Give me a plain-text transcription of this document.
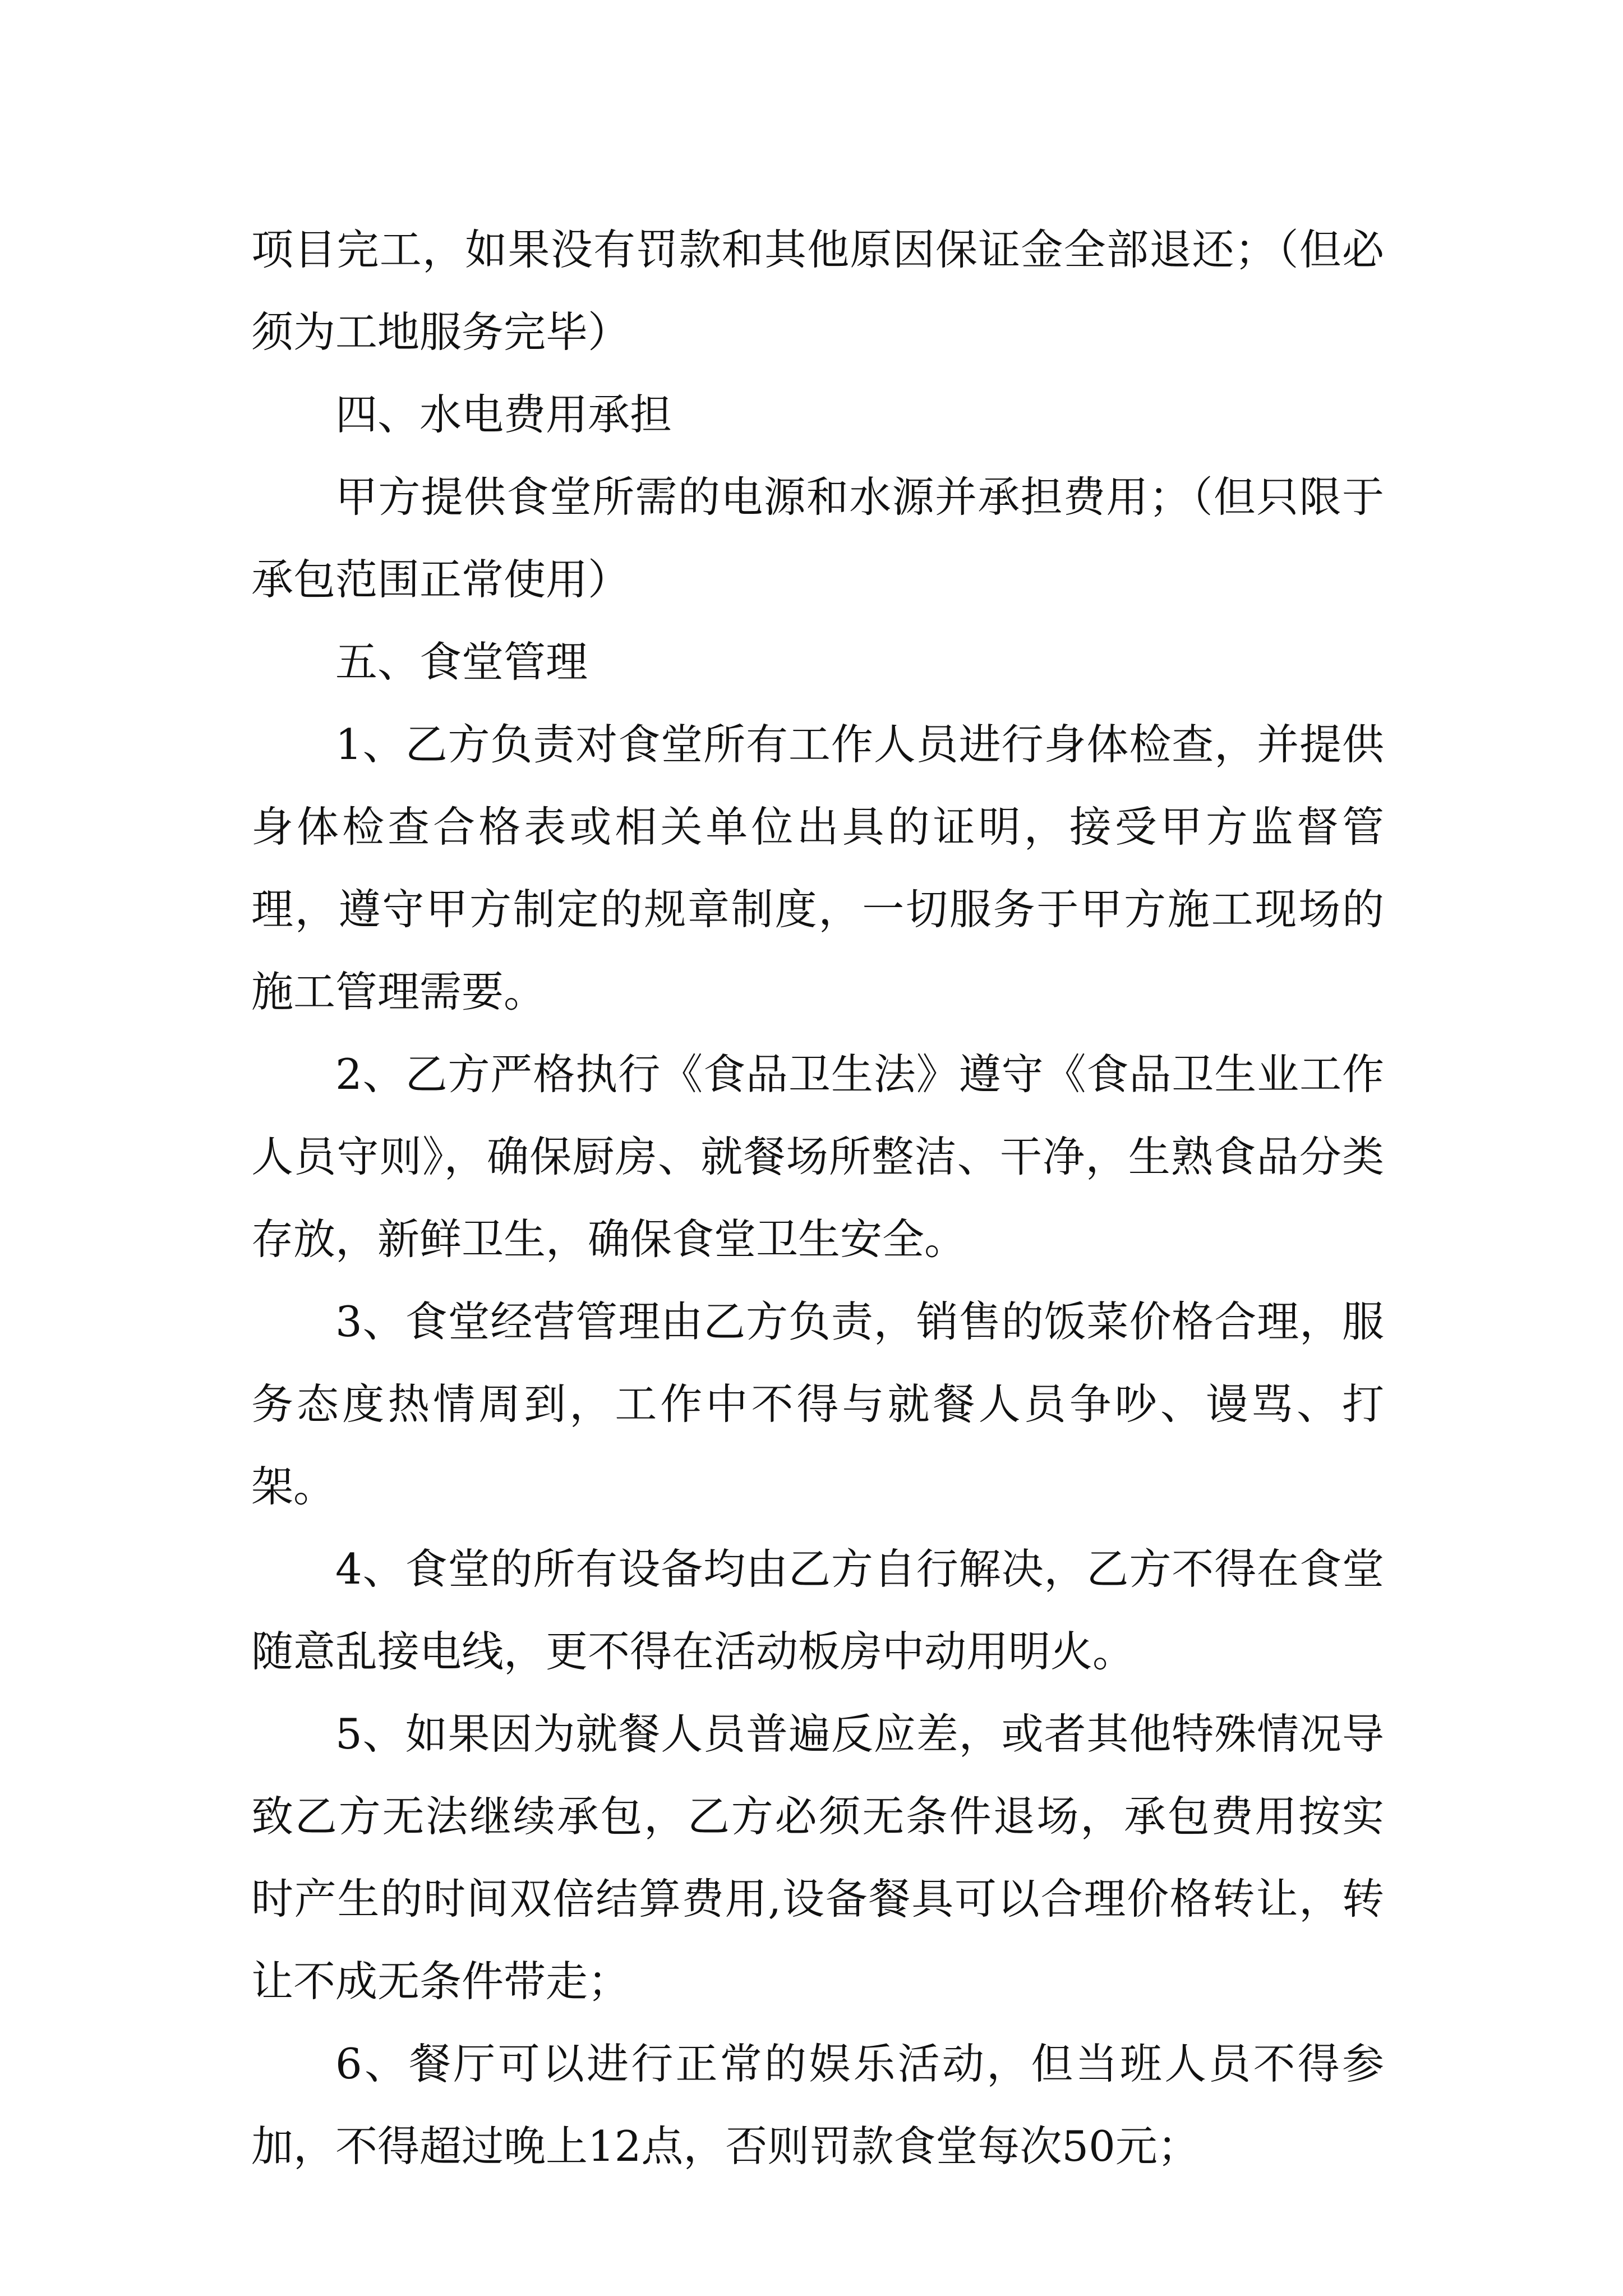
项目完工，如果没有罚款和其他原因保证金全部退还；（但必须为工地服务完毕）

四、水电费用承担

甲方提供食堂所需的电源和水源并承担费用；（但只限于承包范围正常使用）

五、食堂管理

1、乙方负责对食堂所有工作人员进行身体检查，并提供身体检查合格表或相关单位出具的证明，接受甲方监督管理，遵守甲方制定的规章制度，一切服务于甲方施工现场的施工管理需要。

2、乙方严格执行《食品卫生法》遵守《食品卫生业工作人员守则》，确保厨房、就餐场所整洁、干净，生熟食品分类存放，新鲜卫生，确保食堂卫生安全。

3、食堂经营管理由乙方负责，销售的饭菜价格合理，服务态度热情周到，工作中不得与就餐人员争吵、谩骂、打架。

4、食堂的所有设备均由乙方自行解决，乙方不得在食堂随意乱接电线，更不得在活动板房中动用明火。

5、如果因为就餐人员普遍反应差，或者其他特殊情况导致乙方无法继续承包，乙方必须无条件退场，承包费用按实时产生的时间双倍结算费用,设备餐具可以合理价格转让，转让不成无条件带走；

6、餐厅可以进行正常的娱乐活动，但当班人员不得参加，不得超过晚上12点，否则罚款食堂每次50元；
